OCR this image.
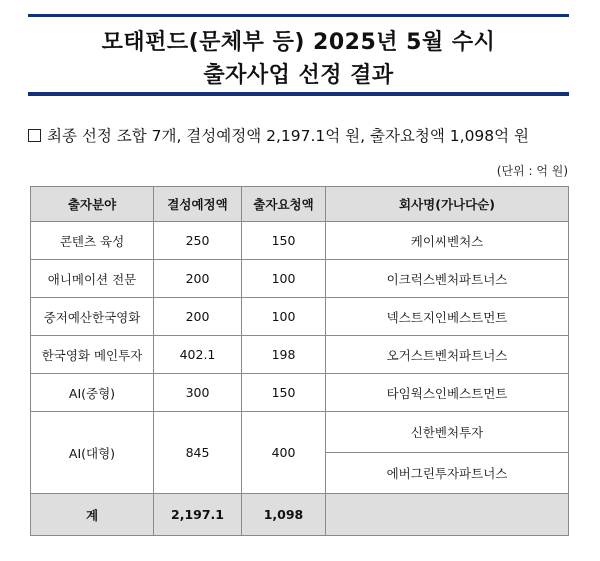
모태펀드(문체부 등) 2025년 5월 수시
출자사업 선정 결과
최종 선정 조합 7개, 결성예정액 2,197.1억 원, 출자요청액 1,098억 원
(단위 : 억 원)
출자분야	결성예정액	출자요청액	회사명(가나다순)
콘텐츠 육성	250	150	케이씨벤처스
애니메이션 전문	200	100	이크럭스벤처파트너스
중저예산한국영화	200	100	넥스트지인베스트먼트
한국영화 메인투자	402.1	198	오거스트벤처파트너스
AI(중형)	300	150	타임웍스인베스트먼트
AI(대형)	845	400	신한벤처투자
			에버그린투자파트너스
계	2,197.1	1,098	
